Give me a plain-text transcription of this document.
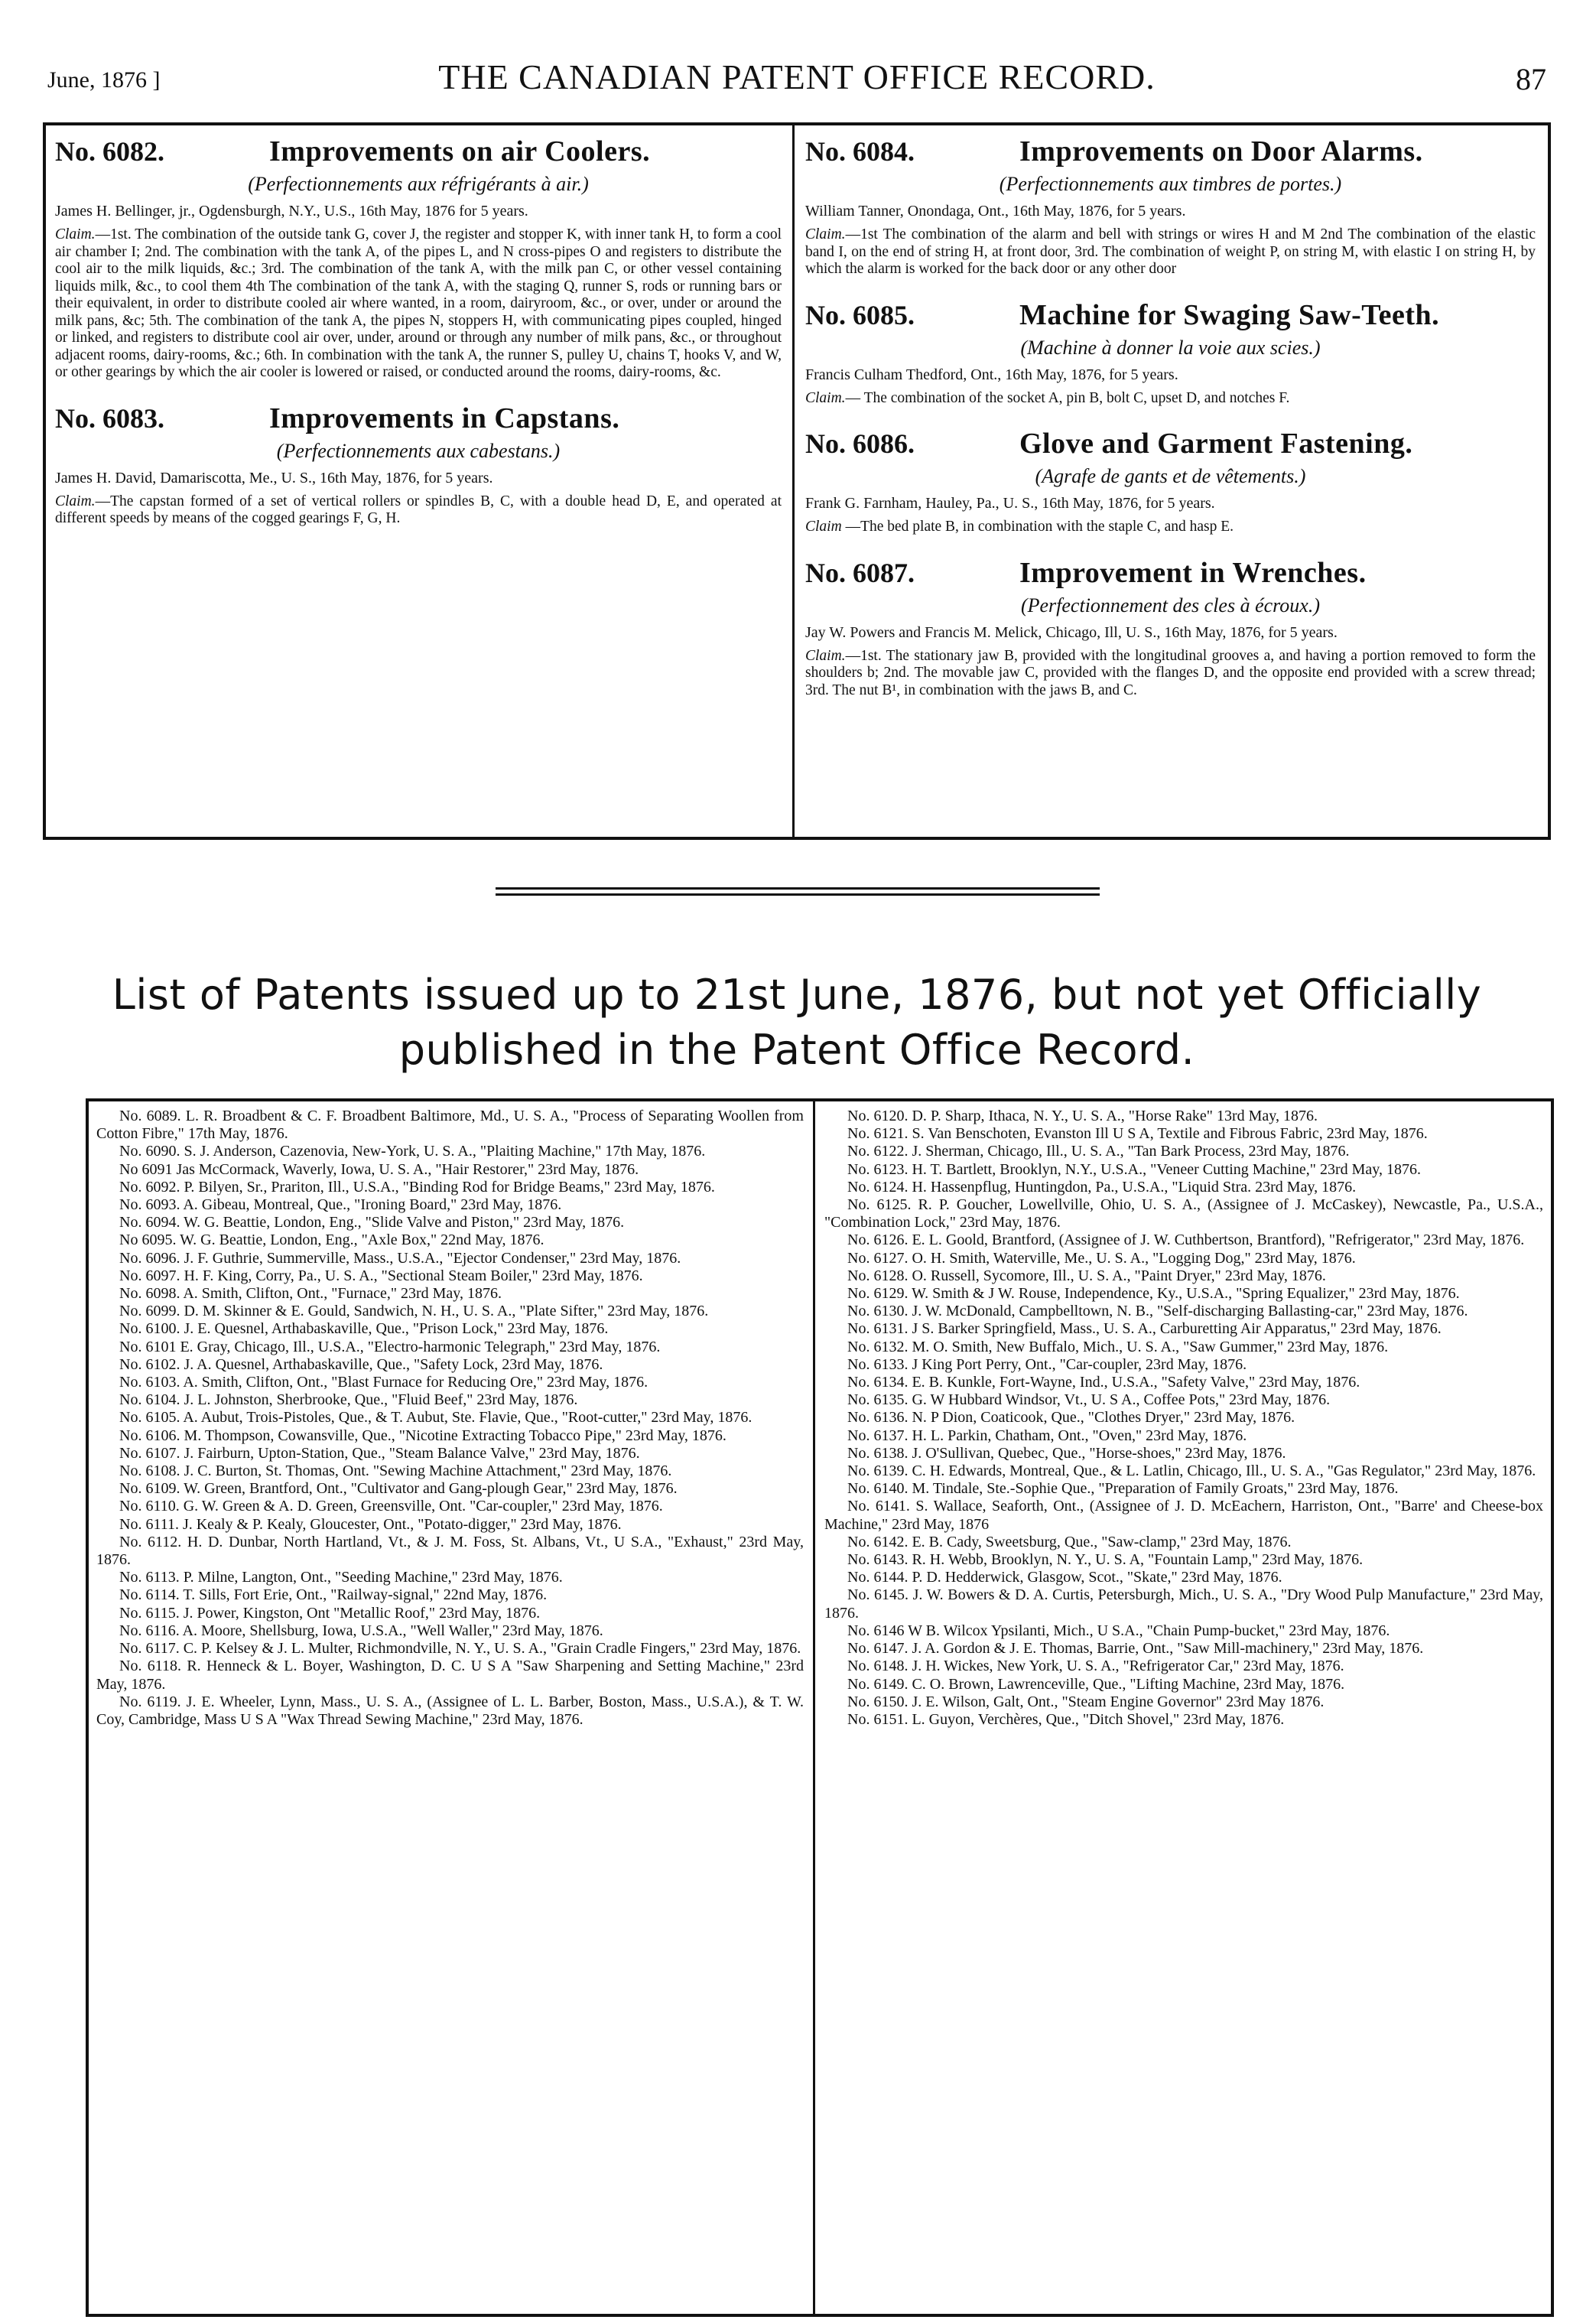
June, 1876 ]	THE CANADIAN PATENT OFFICE RECORD.	87
No. 6082.	Improvements on air Coolers.
(Perfectionnements aux réfrigérants à air.)
James H. Bellinger, jr., Ogdensburgh, N.Y., U.S., 16th May, 1876 for 5 years.
Claim.—1st. The combination of the outside tank G, cover J, the register and stopper K, with inner tank H, to form a cool air chamber I; 2nd. The combination with the tank A, of the pipes L, and N cross-pipes O and registers to distribute the cool air to the milk liquids, &c.; 3rd. The combination of the tank A, with the milk pan C, or other vessel containing liquids milk, &c., to cool them 4th The combination of the tank A, with the staging Q, runner S, rods or running bars or their equivalent, in order to distribute cooled air where wanted, in a room, dairyroom, &c., or over, under or around the milk pans, &c; 5th. The combination of the tank A, the pipes N, stoppers H, with communicating pipes coupled, hinged or linked, and registers to distribute cool air over, under, around or through any number of milk pans, &c., or throughout adjacent rooms, dairy-rooms, &c.; 6th. In combination with the tank A, the runner S, pulley U, chains T, hooks V, and W, or other gearings by which the air cooler is lowered or raised, or conducted around the rooms, dairy-rooms, &c.
No. 6083.	Improvements in Capstans.
(Perfectionnements aux cabestans.)
James H. David, Damariscotta, Me., U. S., 16th May, 1876, for 5 years.
Claim.—The capstan formed of a set of vertical rollers or spindles B, C, with a double head D, E, and operated at different speeds by means of the cogged gearings F, G, H.
No. 6084.	Improvements on Door Alarms.
(Perfectionnements aux timbres de portes.)
William Tanner, Onondaga, Ont., 16th May, 1876, for 5 years.
Claim.—1st The combination of the alarm and bell with strings or wires H and M 2nd The combination of the elastic band I, on the end of string H, at front door, 3rd. The combination of weight P, on string M, with elastic I on string H, by which the alarm is worked for the back door or any other door
No. 6085.	Machine for Swaging Saw-Teeth.
(Machine à donner la voie aux scies.)
Francis Culham Thedford, Ont., 16th May, 1876, for 5 years.
Claim.— The combination of the socket A, pin B, bolt C, upset D, and notches F.
No. 6086.	Glove and Garment Fastening.
(Agrafe de gants et de vêtements.)
Frank G. Farnham, Hauley, Pa., U. S., 16th May, 1876, for 5 years.
Claim —The bed plate B, in combination with the staple C, and hasp E.
No. 6087.	Improvement in Wrenches.
(Perfectionnement des cles à écroux.)
Jay W. Powers and Francis M. Melick, Chicago, Ill, U. S., 16th May, 1876, for 5 years.
Claim.—1st. The stationary jaw B, provided with the longitudinal grooves a, and having a portion removed to form the shoulders b; 2nd. The movable jaw C, provided with the flanges D, and the opposite end provided with a screw thread; 3rd. The nut B¹, in combination with the jaws B, and C.
List of Patents issued up to 21st June, 1876, but not yet Officially
published in the Patent Office Record.

No. 6089. L. R. Broadbent & C. F. Broadbent Baltimore, Md., U. S. A., "Process of Separating Woollen from Cotton Fibre," 17th May, 1876.

No. 6090. S. J. Anderson, Cazenovia, New-York, U. S. A., "Plaiting Machine," 17th May, 1876.

No 6091 Jas McCormack, Waverly, Iowa, U. S. A., "Hair Restorer," 23rd May, 1876.

No. 6092. P. Bilyen, Sr., Prariton, Ill., U.S.A., "Binding Rod for Bridge Beams," 23rd May, 1876.

No. 6093. A. Gibeau, Montreal, Que., "Ironing Board," 23rd May, 1876.

No. 6094. W. G. Beattie, London, Eng., "Slide Valve and Piston," 23rd May, 1876.

No 6095. W. G. Beattie, London, Eng., "Axle Box," 22nd May, 1876.

No. 6096. J. F. Guthrie, Summerville, Mass., U.S.A., "Ejector Condenser," 23rd May, 1876.

No. 6097. H. F. King, Corry, Pa., U. S. A., "Sectional Steam Boiler," 23rd May, 1876.

No. 6098. A. Smith, Clifton, Ont., "Furnace," 23rd May, 1876.

No. 6099. D. M. Skinner & E. Gould, Sandwich, N. H., U. S. A., "Plate Sifter," 23rd May, 1876.

No. 6100. J. E. Quesnel, Arthabaskaville, Que., "Prison Lock," 23rd May, 1876.

No. 6101 E. Gray, Chicago, Ill., U.S.A., "Electro-harmonic Telegraph," 23rd May, 1876.

No. 6102. J. A. Quesnel, Arthabaskaville, Que., "Safety Lock, 23rd May, 1876.

No. 6103. A. Smith, Clifton, Ont., "Blast Furnace for Reducing Ore," 23rd May, 1876.

No. 6104. J. L. Johnston, Sherbrooke, Que., "Fluid Beef," 23rd May, 1876.

No. 6105. A. Aubut, Trois-Pistoles, Que., & T. Aubut, Ste. Flavie, Que., "Root-cutter," 23rd May, 1876.

No. 6106. M. Thompson, Cowansville, Que., "Nicotine Extracting Tobacco Pipe," 23rd May, 1876.

No. 6107. J. Fairburn, Upton-Station, Que., "Steam Balance Valve," 23rd May, 1876.

No. 6108. J. C. Burton, St. Thomas, Ont. "Sewing Machine Attachment," 23rd May, 1876.

No. 6109. W. Green, Brantford, Ont., "Cultivator and Gang-plough Gear," 23rd May, 1876.

No. 6110. G. W. Green & A. D. Green, Greensville, Ont. "Car-coupler," 23rd May, 1876.

No. 6111. J. Kealy & P. Kealy, Gloucester, Ont., "Potato-digger," 23rd May, 1876.

No. 6112. H. D. Dunbar, North Hartland, Vt., & J. M. Foss, St. Albans, Vt., U S.A., "Exhaust," 23rd May, 1876.

No. 6113. P. Milne, Langton, Ont., "Seeding Machine," 23rd May, 1876.

No. 6114. T. Sills, Fort Erie, Ont., "Railway-signal," 22nd May, 1876.

No. 6115. J. Power, Kingston, Ont "Metallic Roof," 23rd May, 1876.

No. 6116. A. Moore, Shellsburg, Iowa, U.S.A., "Well Waller," 23rd May, 1876.

No. 6117. C. P. Kelsey & J. L. Multer, Richmondville, N. Y., U. S. A., "Grain Cradle Fingers," 23rd May, 1876.

No. 6118. R. Henneck & L. Boyer, Washington, D. C. U S A "Saw Sharpening and Setting Machine," 23rd May, 1876.

No. 6119. J. E. Wheeler, Lynn, Mass., U. S. A., (Assignee of L. L. Barber, Boston, Mass., U.S.A.), & T. W. Coy, Cambridge, Mass U S A "Wax Thread Sewing Machine," 23rd May, 1876.

No. 6120. D. P. Sharp, Ithaca, N. Y., U. S. A., "Horse Rake" 13rd May, 1876.

No. 6121. S. Van Benschoten, Evanston Ill U S A, Textile and Fibrous Fabric, 23rd May, 1876.

No. 6122. J. Sherman, Chicago, Ill., U. S. A., "Tan Bark Process, 23rd May, 1876.

No. 6123. H. T. Bartlett, Brooklyn, N.Y., U.S.A., "Veneer Cutting Machine," 23rd May, 1876.

No. 6124. H. Hassenpflug, Huntingdon, Pa., U.S.A., "Liquid Stra. 23rd May, 1876.

No. 6125. R. P. Goucher, Lowellville, Ohio, U. S. A., (Assignee of J. McCaskey), Newcastle, Pa., U.S.A., "Combination Lock," 23rd May, 1876.

No. 6126. E. L. Goold, Brantford, (Assignee of J. W. Cuthbertson, Brantford), "Refrigerator," 23rd May, 1876.

No. 6127. O. H. Smith, Waterville, Me., U. S. A., "Logging Dog," 23rd May, 1876.

No. 6128. O. Russell, Sycomore, Ill., U. S. A., "Paint Dryer," 23rd May, 1876.

No. 6129. W. Smith & J W. Rouse, Independence, Ky., U.S.A., "Spring Equalizer," 23rd May, 1876.

No. 6130. J. W. McDonald, Campbelltown, N. B., "Self-discharging Ballasting-car," 23rd May, 1876.

No. 6131. J S. Barker Springfield, Mass., U. S. A., Carburetting Air Apparatus," 23rd May, 1876.

No. 6132. M. O. Smith, New Buffalo, Mich., U. S. A., "Saw Gummer," 23rd May, 1876.

No. 6133. J King Port Perry, Ont., "Car-coupler, 23rd May, 1876.

No. 6134. E. B. Kunkle, Fort-Wayne, Ind., U.S.A., "Safety Valve," 23rd May, 1876.

No. 6135. G. W Hubbard Windsor, Vt., U. S A., Coffee Pots," 23rd May, 1876.

No. 6136. N. P Dion, Coaticook, Que., "Clothes Dryer," 23rd May, 1876.

No. 6137. H. L. Parkin, Chatham, Ont., "Oven," 23rd May, 1876.

No. 6138. J. O'Sullivan, Quebec, Que., "Horse-shoes," 23rd May, 1876.

No. 6139. C. H. Edwards, Montreal, Que., & L. Latlin, Chicago, Ill., U. S. A., "Gas Regulator," 23rd May, 1876.

No. 6140. M. Tindale, Ste.-Sophie Que., "Preparation of Family Groats," 23rd May, 1876.

No. 6141. S. Wallace, Seaforth, Ont., (Assignee of J. D. McEachern, Harriston, Ont., "Barre' and Cheese-box Machine," 23rd May, 1876

No. 6142. E. B. Cady, Sweetsburg, Que., "Saw-clamp," 23rd May, 1876.

No. 6143. R. H. Webb, Brooklyn, N. Y., U. S. A, "Fountain Lamp," 23rd May, 1876.

No. 6144. P. D. Hedderwick, Glasgow, Scot., "Skate," 23rd May, 1876.

No. 6145. J. W. Bowers & D. A. Curtis, Petersburgh, Mich., U. S. A., "Dry Wood Pulp Manufacture," 23rd May, 1876.

No. 6146 W B. Wilcox Ypsilanti, Mich., U S.A., "Chain Pump-bucket," 23rd May, 1876.

No. 6147. J. A. Gordon & J. E. Thomas, Barrie, Ont., "Saw Mill-machinery," 23rd May, 1876.

No. 6148. J. H. Wickes, New York, U. S. A., "Refrigerator Car," 23rd May, 1876.

No. 6149. C. O. Brown, Lawrenceville, Que., "Lifting Machine, 23rd May, 1876.

No. 6150. J. E. Wilson, Galt, Ont., "Steam Engine Governor" 23rd May 1876.

No. 6151. L. Guyon, Verchères, Que., "Ditch Shovel," 23rd May, 1876.
